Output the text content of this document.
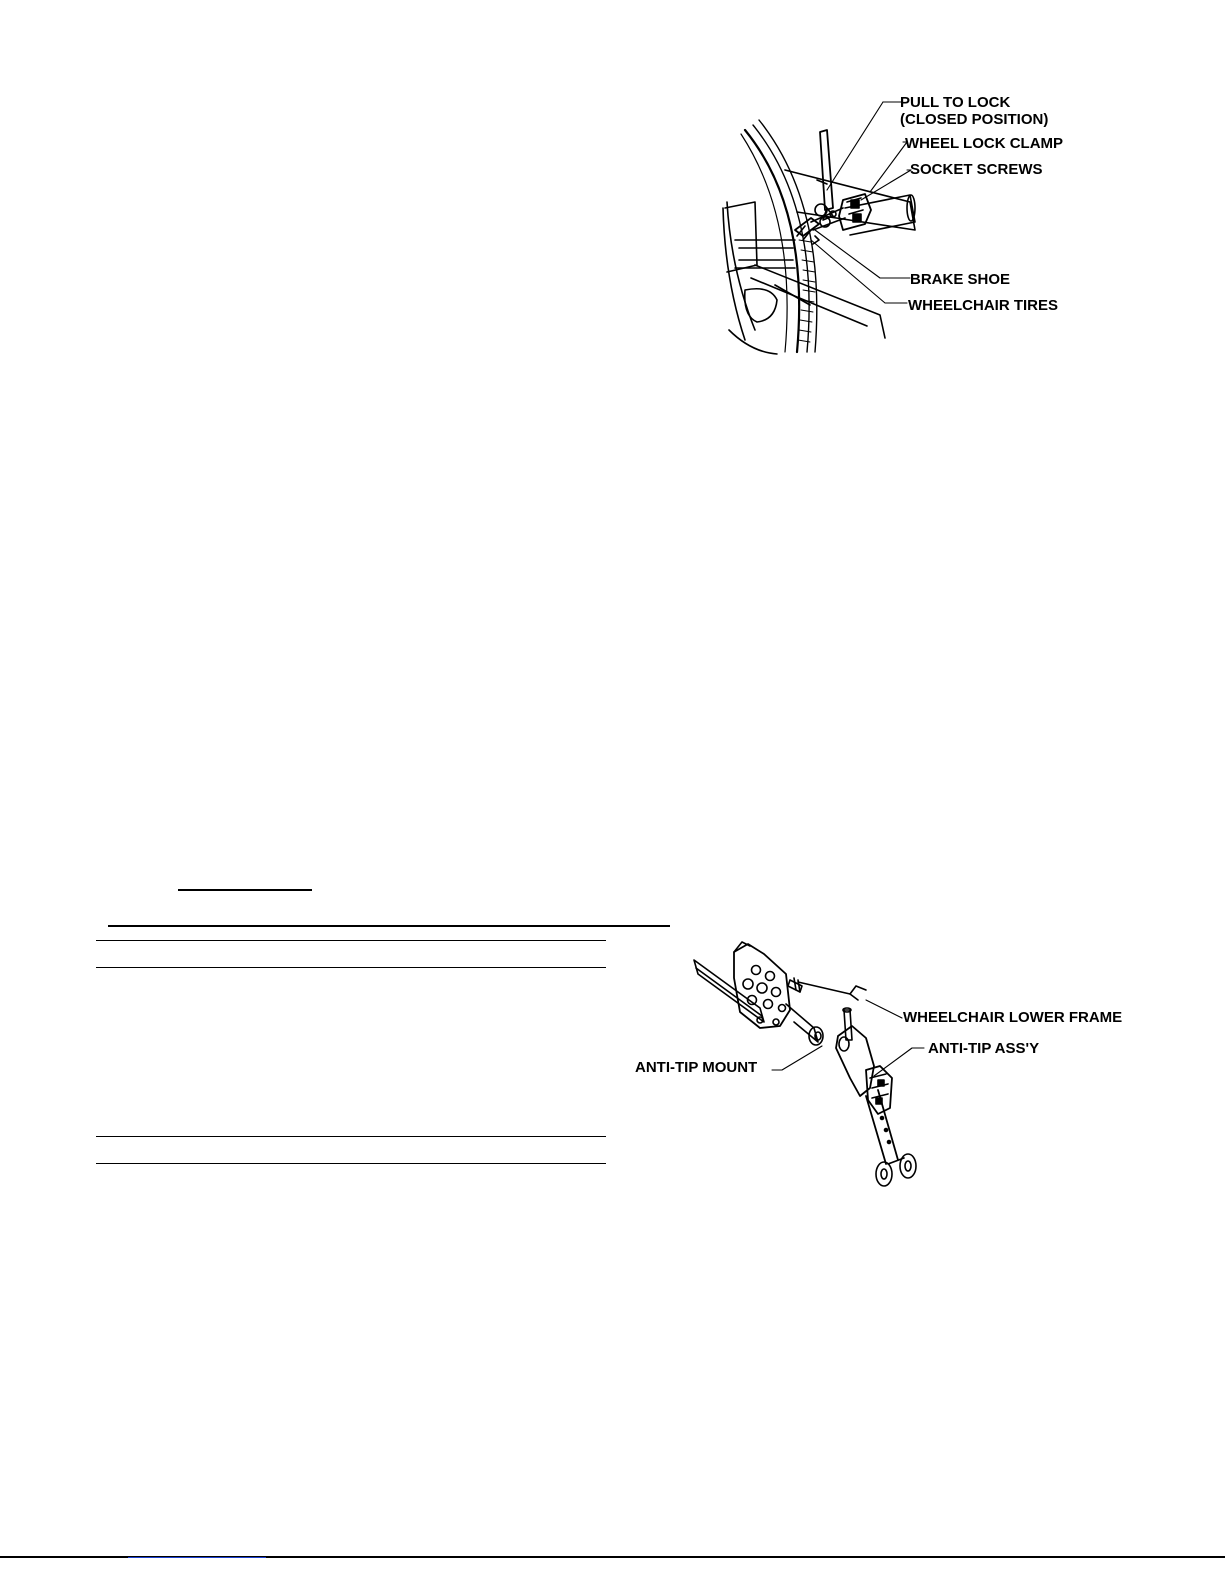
PULL TO LOCK
(CLOSED POSITION)
WHEEL LOCK CLAMP
SOCKET SCREWS
BRAKE SHOE
WHEELCHAIR TIRES
WHEELCHAIR LOWER FRAME
ANTI-TIP ASS'Y
ANTI-TIP MOUNT
